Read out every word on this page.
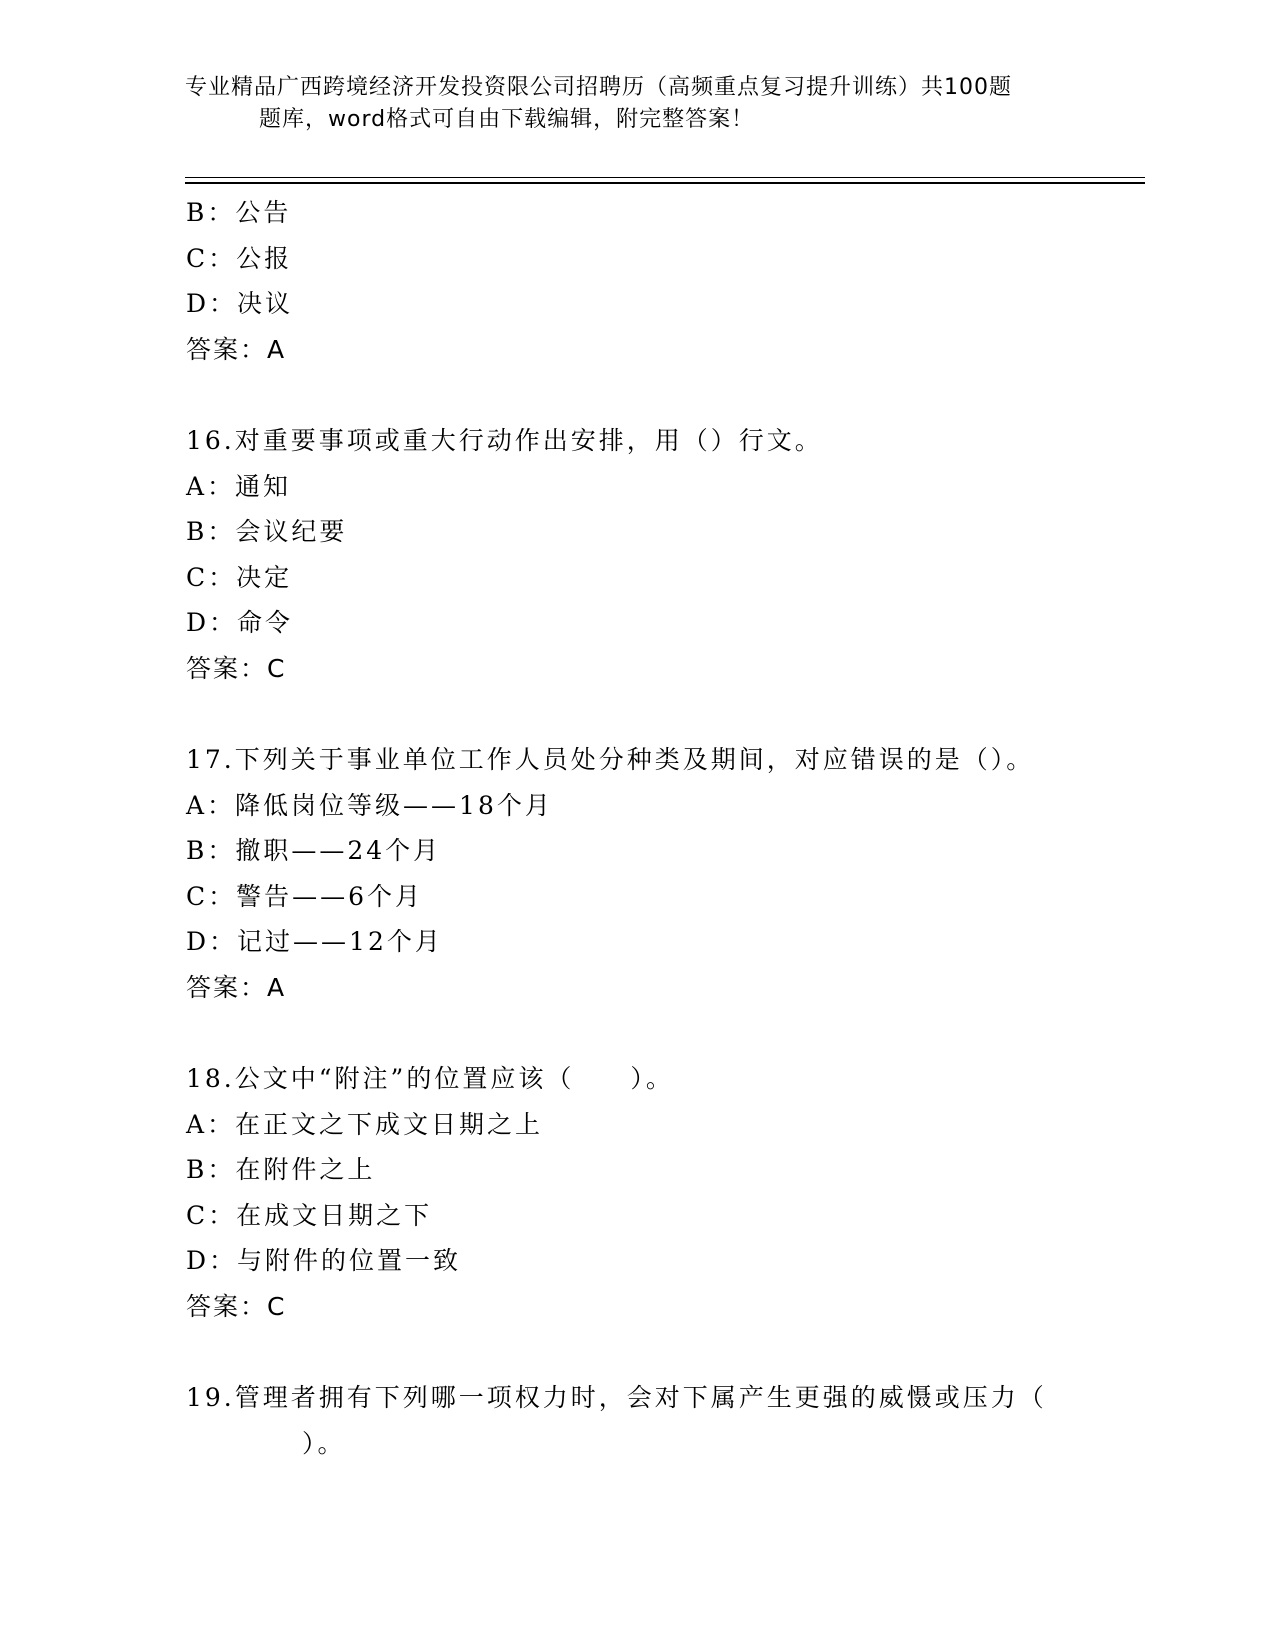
专业精品广西跨境经济开发投资限公司招聘历（高频重点复习提升训练）共100题
题库，word格式可自由下载编辑，附完整答案！
B：公告
C：公报
D：决议
答案：A
16.对重要事项或重大行动作出安排，用（）行文。
A：通知
B：会议纪要
C：决定
D：命令
答案：C
17.下列关于事业单位工作人员处分种类及期间，对应错误的是（）。
A：降低岗位等级——18个月
B：撤职——24个月
C：警告——6个月
D：记过——12个月
答案：A
18.公文中“附注”的位置应该（　　）。
A：在正文之下成文日期之上
B：在附件之上
C：在成文日期之下
D：与附件的位置一致
答案：C
19.管理者拥有下列哪一项权力时，会对下属产生更强的威慑或压力（
）。
